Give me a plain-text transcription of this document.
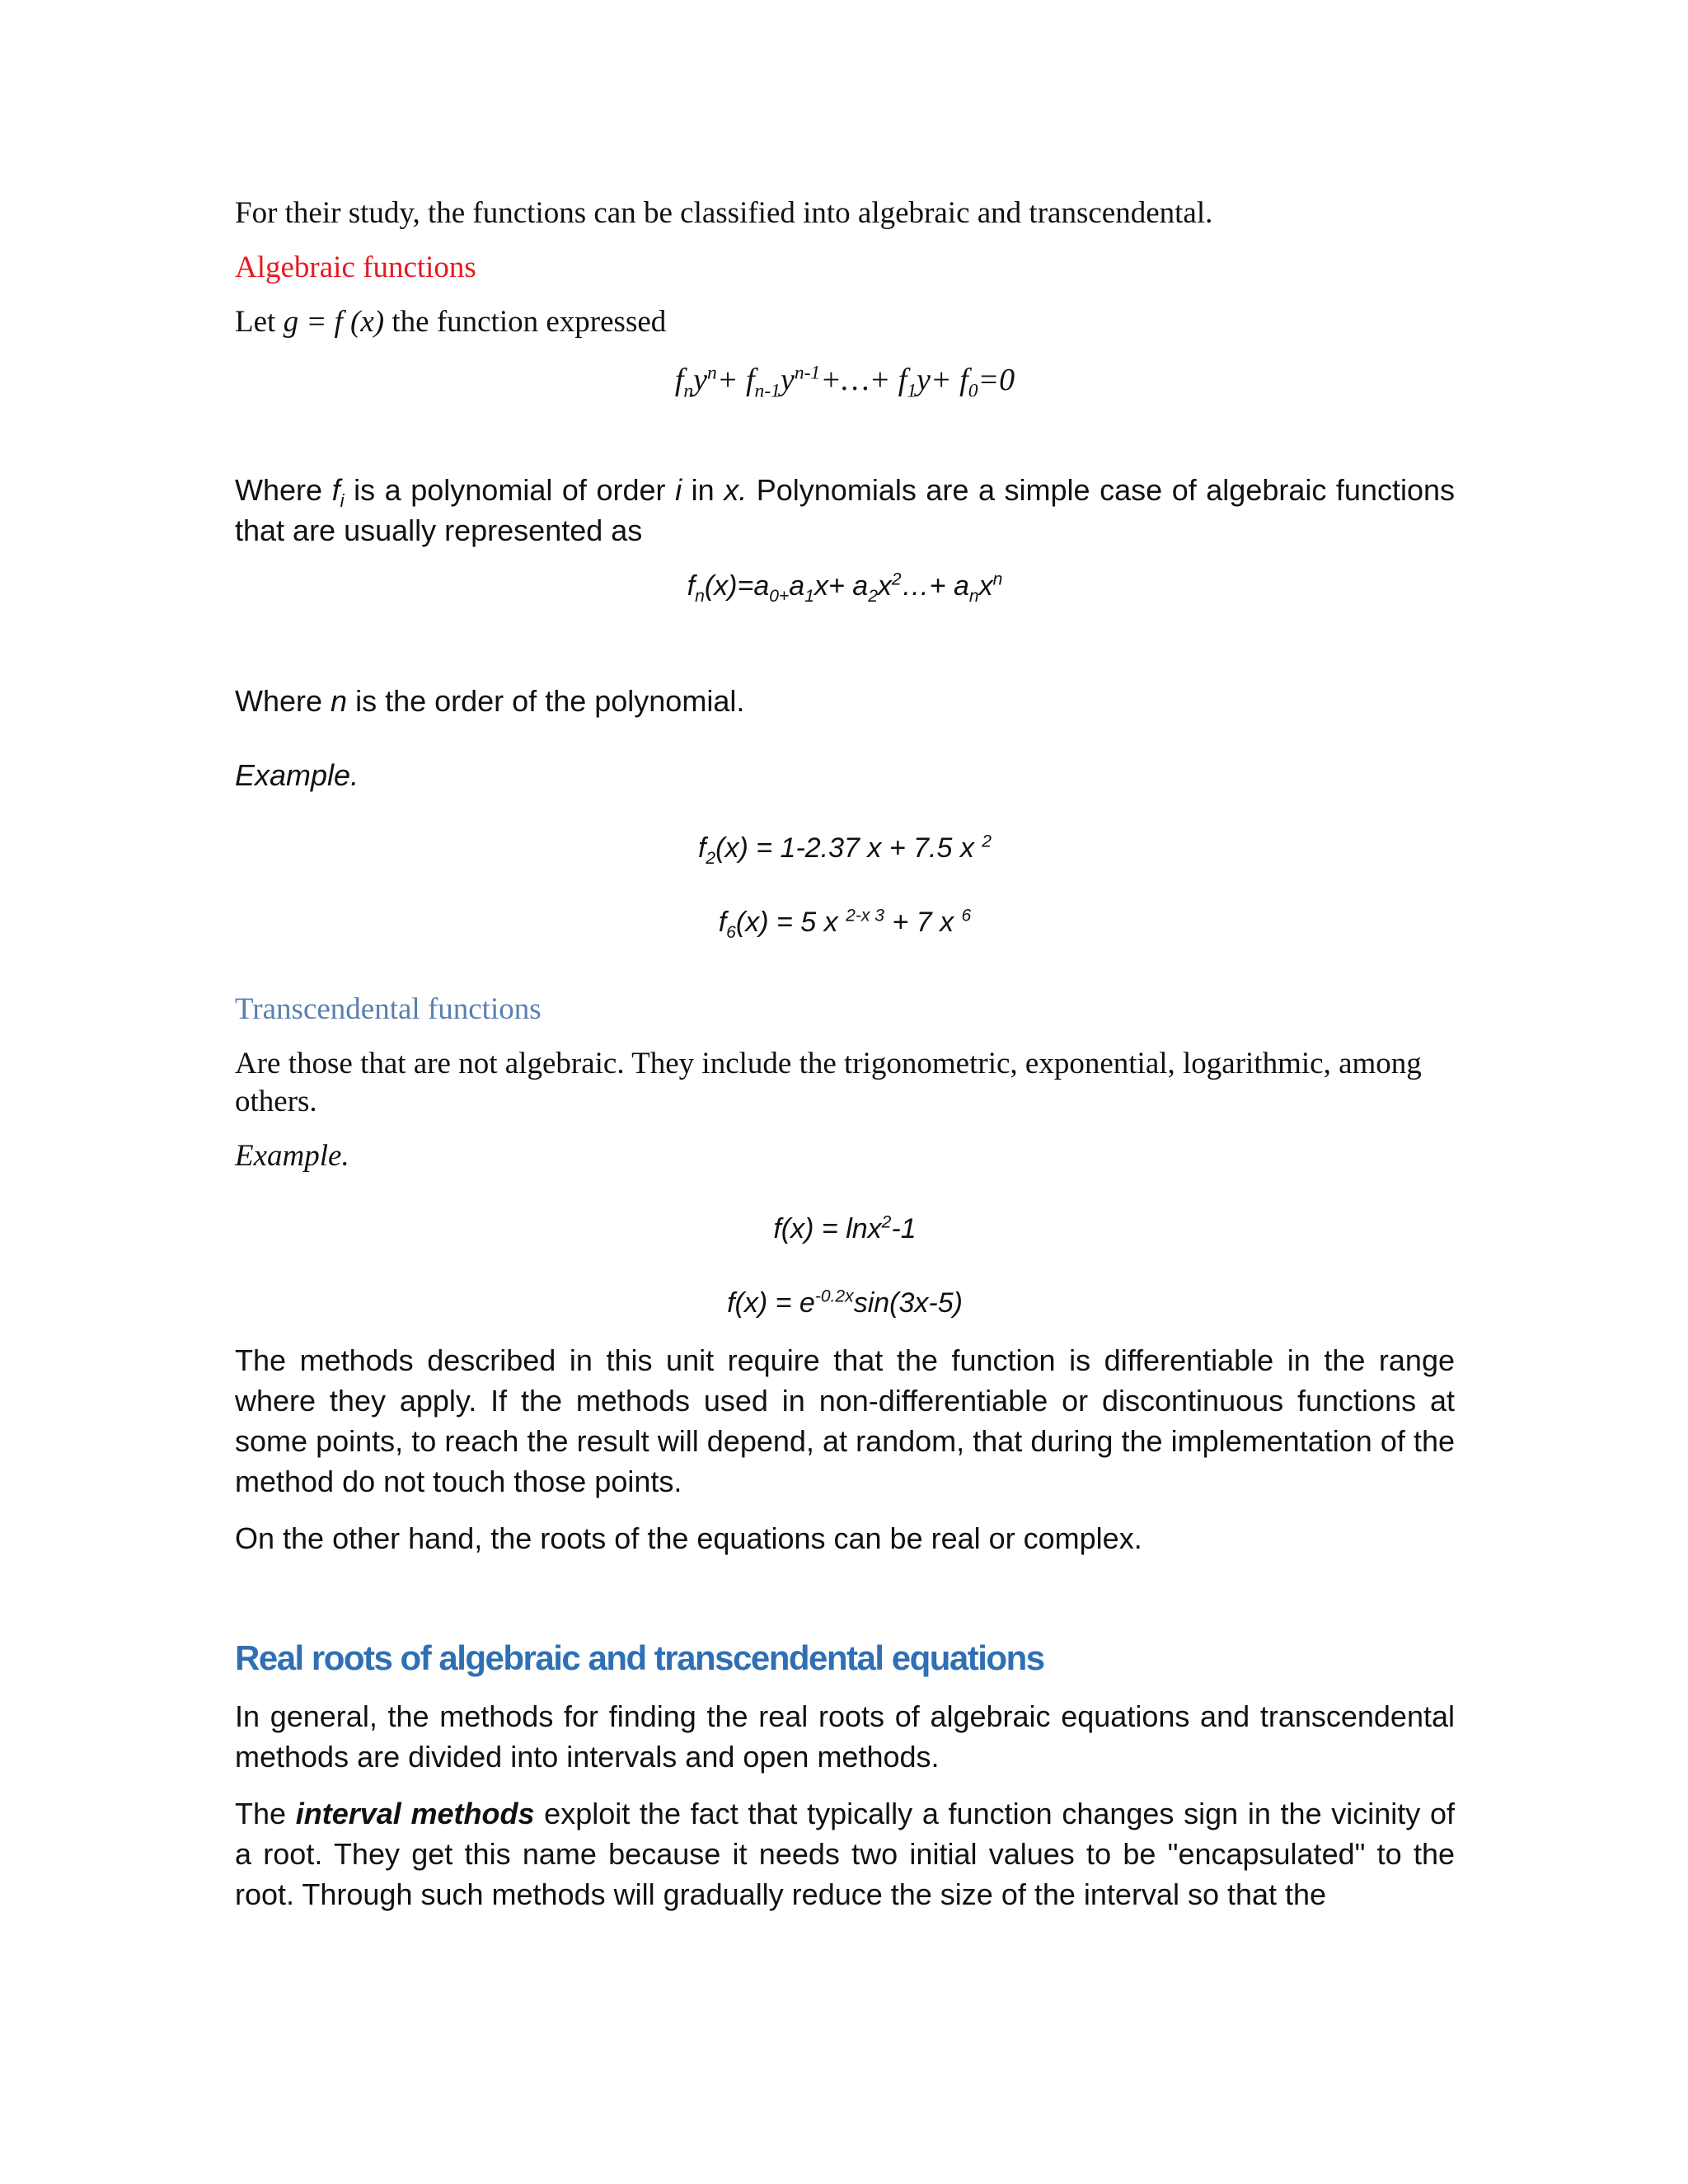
For their study, the functions can be classified into algebraic and transcendental.

Algebraic functions

Let g = f (x) the function expressed

$f_ny^n+$ $f_{n-1}y^{n-1}+\dots+ f_1y+ f_0=0$

Where $f_i$ is a polynomial of order i in x. Polynomials are a simple case of algebraic functions that are usually represented as

$f_n(x)=a_{0+}a_1x+$ $a_2x^2\dots+ a_nx^n$

Where n is the order of the polynomial.

Example.

$f_2(x) = 1-2.37$ x + 7.5 x $^2$

$f_6(x) = 5$ x $^{2-x 3}$ + 7 x $^6$

Transcendental functions

Are those that are not algebraic. They include the trigonometric, exponential, logarithmic, among others.

Example.

f(x) = lnx$^2$-1

$f(x) = e^{-0.2x}\sin(3x-5)$

The methods described in this unit require that the function is differentiable in the range where they apply. If the methods used in non-differentiable or discontinuous functions at some points, to reach the result will depend, at random, that during the implementation of the method do not touch those points.

On the other hand, the roots of the equations can be real or complex.

Real roots of algebraic and transcendental equations

In general, the methods for finding the real roots of algebraic equations and transcendental methods are divided into intervals and open methods.

The interval methods exploit the fact that typically a function changes sign in the vicinity of a root. They get this name because it needs two initial values to be "encapsulated" to the root. Through such methods will gradually reduce the size of the interval so that the
